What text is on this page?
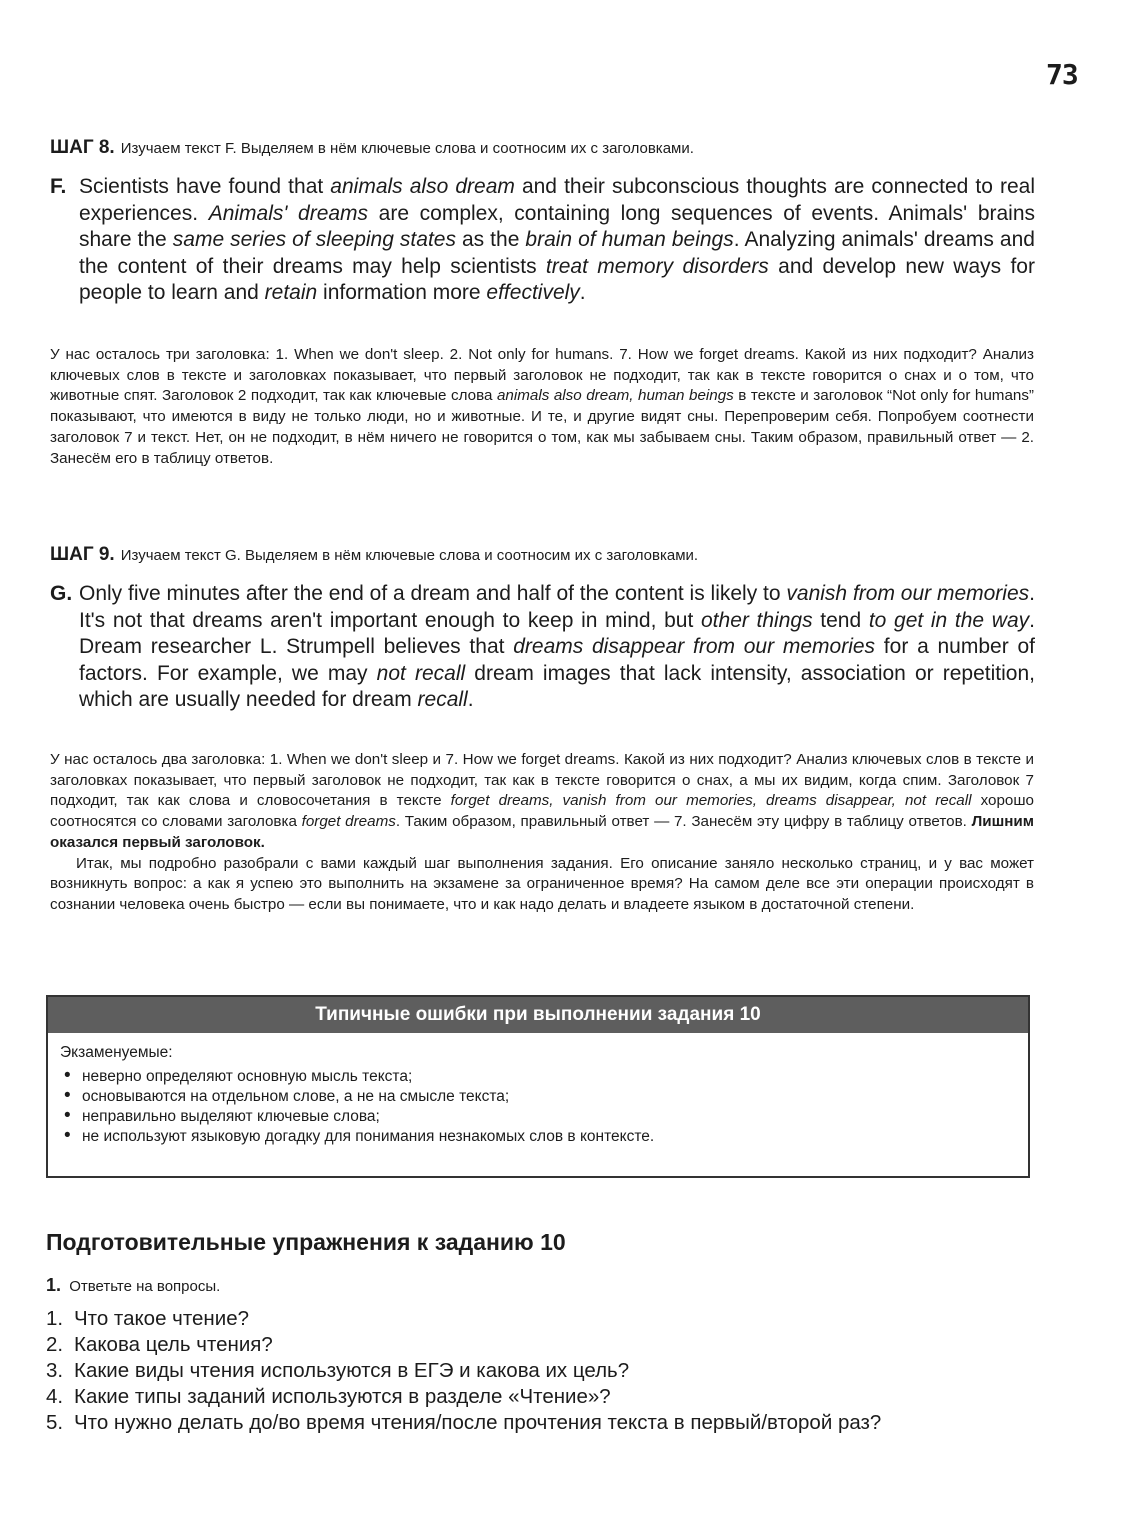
73
ШАГ 8. Изучаем текст F. Выделяем в нём ключевые слова и соотносим их с заголовками.
F. Scientists have found that animals also dream and their subconscious thoughts are connected to real experiences. Animals' dreams are complex, containing long sequences of events. Animals' brains share the same series of sleeping states as the brain of human beings. Analyzing animals' dreams and the content of their dreams may help scientists treat memory disorders and develop new ways for people to learn and retain information more effectively.

У нас осталось три заголовка: 1. When we don't sleep. 2. Not only for humans. 7. How we forget dreams. Какой из них подходит? Анализ ключевых слов в тексте и заголовках показывает, что первый заголовок не подходит, так как в тексте говорится о снах и о том, что животные спят. Заголовок 2 подходит, так как ключевые слова animals also dream, human beings в тексте и заголовок “Not only for humans” показывают, что имеются в виду не только люди, но и животные. И те, и другие видят сны. Перепроверим себя. Попробуем соотнести заголовок 7 и текст. Нет, он не подходит, в нём ничего не говорится о том, как мы забываем сны. Таким образом, правильный ответ — 2. Занесём его в таблицу ответов.

ШАГ 9. Изучаем текст G. Выделяем в нём ключевые слова и соотносим их с заголовками.
G. Only five minutes after the end of a dream and half of the content is likely to vanish from our memories. It's not that dreams aren't important enough to keep in mind, but other things tend to get in the way. Dream researcher L. Strumpell believes that dreams disappear from our memories for a number of factors. For example, we may not recall dream images that lack intensity, association or repetition, which are usually needed for dream recall.

У нас осталось два заголовка: 1. When we don't sleep и 7. How we forget dreams. Какой из них подходит? Анализ ключевых слов в тексте и заголовках показывает, что первый заголовок не подходит, так как в тексте говорится о снах, а мы их видим, когда спим. Заголовок 7 подходит, так как слова и словосочетания в тексте forget dreams, vanish from our memories, dreams disappear, not recall хорошо соотносятся со словами заголовка forget dreams. Таким образом, правильный ответ — 7. Занесём эту цифру в таблицу ответов. Лишним оказался первый заголовок.

Итак, мы подробно разобрали с вами каждый шаг выполнения задания. Его описание заняло несколько страниц, и у вас может возникнуть вопрос: а как я успею это выполнить на экзамене за ограниченное время? На самом деле все эти операции происходят в сознании человека очень быстро — если вы понимаете, что и как надо делать и владеете языком в достаточной степени.

Типичные ошибки при выполнении задания 10
Экзаменуемые:
• неверно определяют основную мысль текста;
• основываются на отдельном слове, а не на смысле текста;
• неправильно выделяют ключевые слова;
• не используют языковую догадку для понимания незнакомых слов в контексте.
Подготовительные упражнения к заданию 10
1. Ответьте на вопросы.
1. Что такое чтение?
2. Какова цель чтения?
3. Какие виды чтения используются в ЕГЭ и какова их цель?
4. Какие типы заданий используются в разделе «Чтение»?
5. Что нужно делать до/во время чтения/после прочтения текста в первый/второй раз?
